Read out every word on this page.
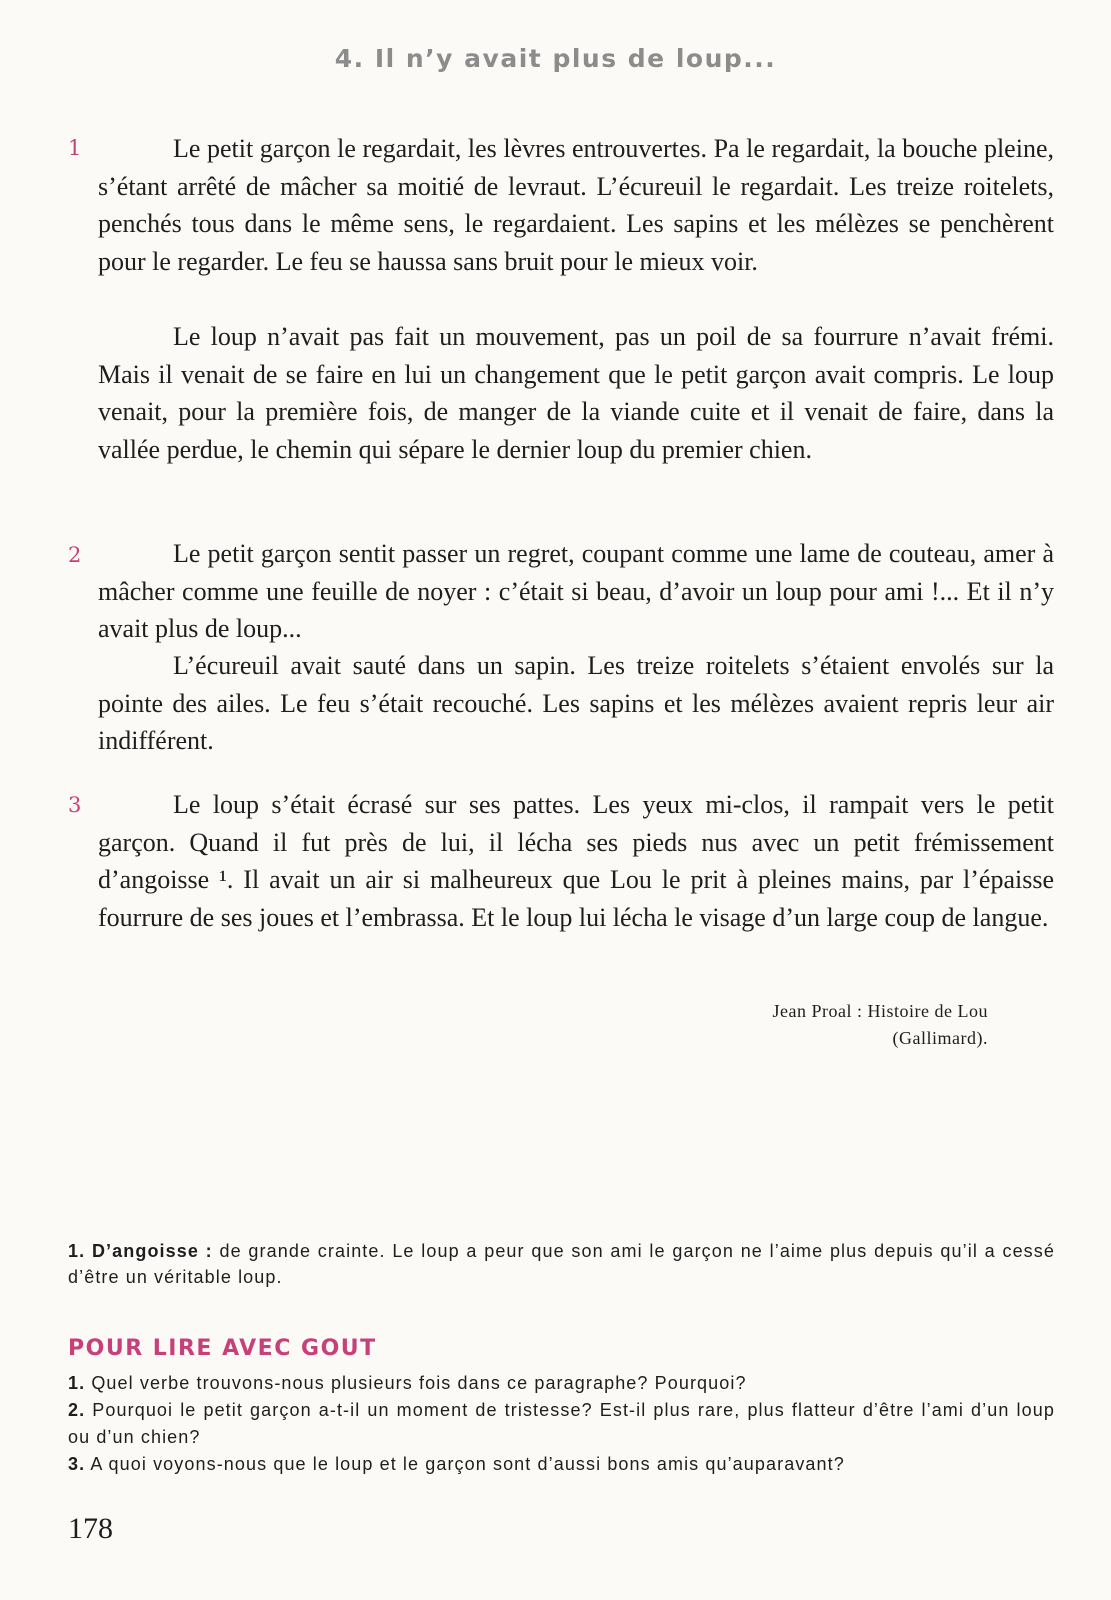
4. Il n’y avait plus de loup...
1	Le petit garçon le regardait, les lèvres entrouvertes. Pa le regardait, la bouche pleine, s’étant arrêté de mâcher sa moitié de levraut. L’écureuil le regardait. Les treize roitelets, penchés tous dans le même sens, le regardaient. Les sapins et les mélèzes se penchèrent pour le regarder. Le feu se haussa sans bruit pour le mieux voir.

Le loup n’avait pas fait un mouvement, pas un poil de sa fourrure n’avait frémi. Mais il venait de se faire en lui un changement que le petit garçon avait compris. Le loup venait, pour la première fois, de manger de la viande cuite et il venait de faire, dans la vallée perdue, le chemin qui sépare le dernier loup du premier chien.

2	Le petit garçon sentit passer un regret, coupant comme une lame de couteau, amer à mâcher comme une feuille de noyer : c’était si beau, d’avoir un loup pour ami !... Et il n’y avait plus de loup...

L’écureuil avait sauté dans un sapin. Les treize roitelets s’étaient envolés sur la pointe des ailes. Le feu s’était recouché. Les sapins et les mélèzes avaient repris leur air indifférent.

3	Le loup s’était écrasé sur ses pattes. Les yeux mi-clos, il rampait vers le petit garçon. Quand il fut près de lui, il lécha ses pieds nus avec un petit frémissement d’angoisse ¹. Il avait un air si malheureux que Lou le prit à pleines mains, par l’épaisse fourrure de ses joues et l’embrassa. Et le loup lui lécha le visage d’un large coup de langue.

Jean Proal : Histoire de Lou
(Gallimard).

1. D’angoisse : de grande crainte. Le loup a peur que son ami le garçon ne l’aime plus depuis qu’il a cessé d’être un véritable loup.

POUR LIRE AVEC GOUT

1. Quel verbe trouvons-nous plusieurs fois dans ce paragraphe? Pourquoi?

2. Pourquoi le petit garçon a-t-il un moment de tristesse? Est-il plus rare, plus flatteur d’être l’ami d’un loup ou d’un chien?

3. A quoi voyons-nous que le loup et le garçon sont d’aussi bons amis qu’auparavant?

178
